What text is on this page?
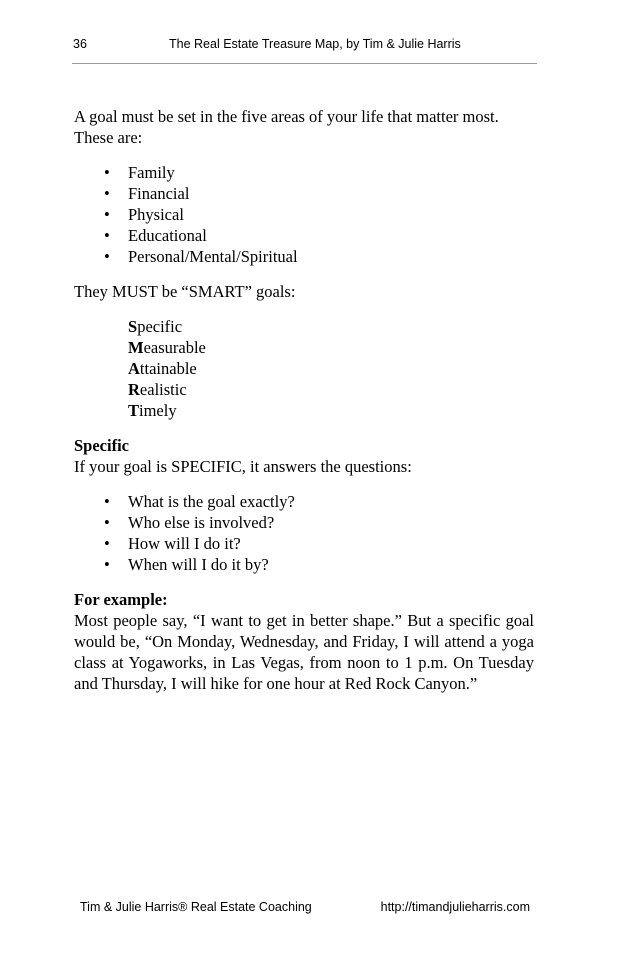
36	The Real Estate Treasure Map, by Tim & Julie Harris

A goal must be set in the five areas of your life that matter most.

These are:

• Family
• Financial
• Physical
• Educational
• Personal/Mental/Spiritual

They MUST be “SMART” goals:

Specific
Measurable
Attainable
Realistic
Timely

Specific

If your goal is SPECIFIC, it answers the questions:

• What is the goal exactly?
• Who else is involved?
• How will I do it?
• When will I do it by?

For example:

Most people say, “I want to get in better shape.” But a specific goal would be, “On Monday, Wednesday, and Friday, I will attend a yoga class at Yogaworks, in Las Vegas, from noon to 1 p.m. On Tuesday and Thursday, I will hike for one hour at Red Rock Canyon.”

Tim & Julie Harris® Real Estate Coaching	http://timandjulieharris.com
